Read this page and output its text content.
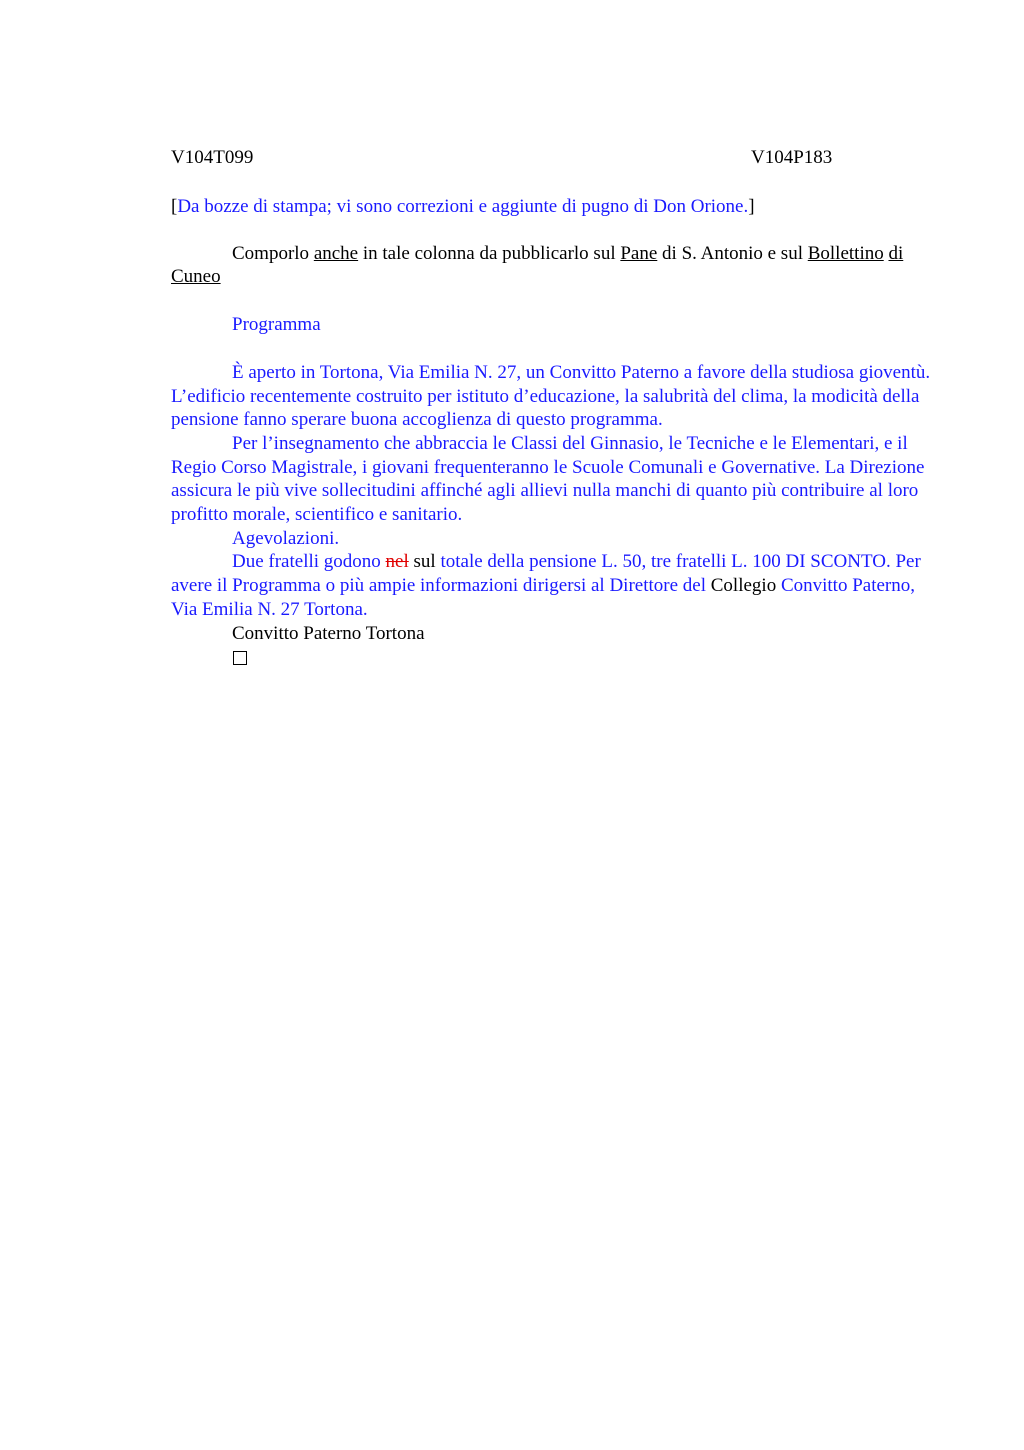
V104T099	V104P183

[Da bozze di stampa; vi sono correzioni e aggiunte di pugno di Don Orione.]

Comporlo anche in tale colonna da pubblicarlo sul Pane di S. Antonio e sul Bollettino di Cuneo

Programma

È aperto in Tortona, Via Emilia N. 27, un Convitto Paterno a favore della studiosa gioventù. L’edificio recentemente costruito per istituto d’educazione, la salubrità del clima, la modicità della pensione fanno sperare buona accoglienza di questo programma.

Per l’insegnamento che abbraccia le Classi del Ginnasio, le Tecniche e le Elementari, e il Regio Corso Magistrale, i giovani frequenteranno le Scuole Comunali e Governative. La Direzione assicura le più vive sollecitudini affinché agli allievi nulla manchi di quanto più contribuire al loro profitto morale, scientifico e sanitario.

Agevolazioni.

Due fratelli godono nel sul totale della pensione L. 50, tre fratelli L. 100 DI SCONTO. Per avere il Programma o più ampie informazioni dirigersi al Direttore del Collegio Convitto Paterno, Via Emilia N. 27 Tortona.

Convitto Paterno Tortona
